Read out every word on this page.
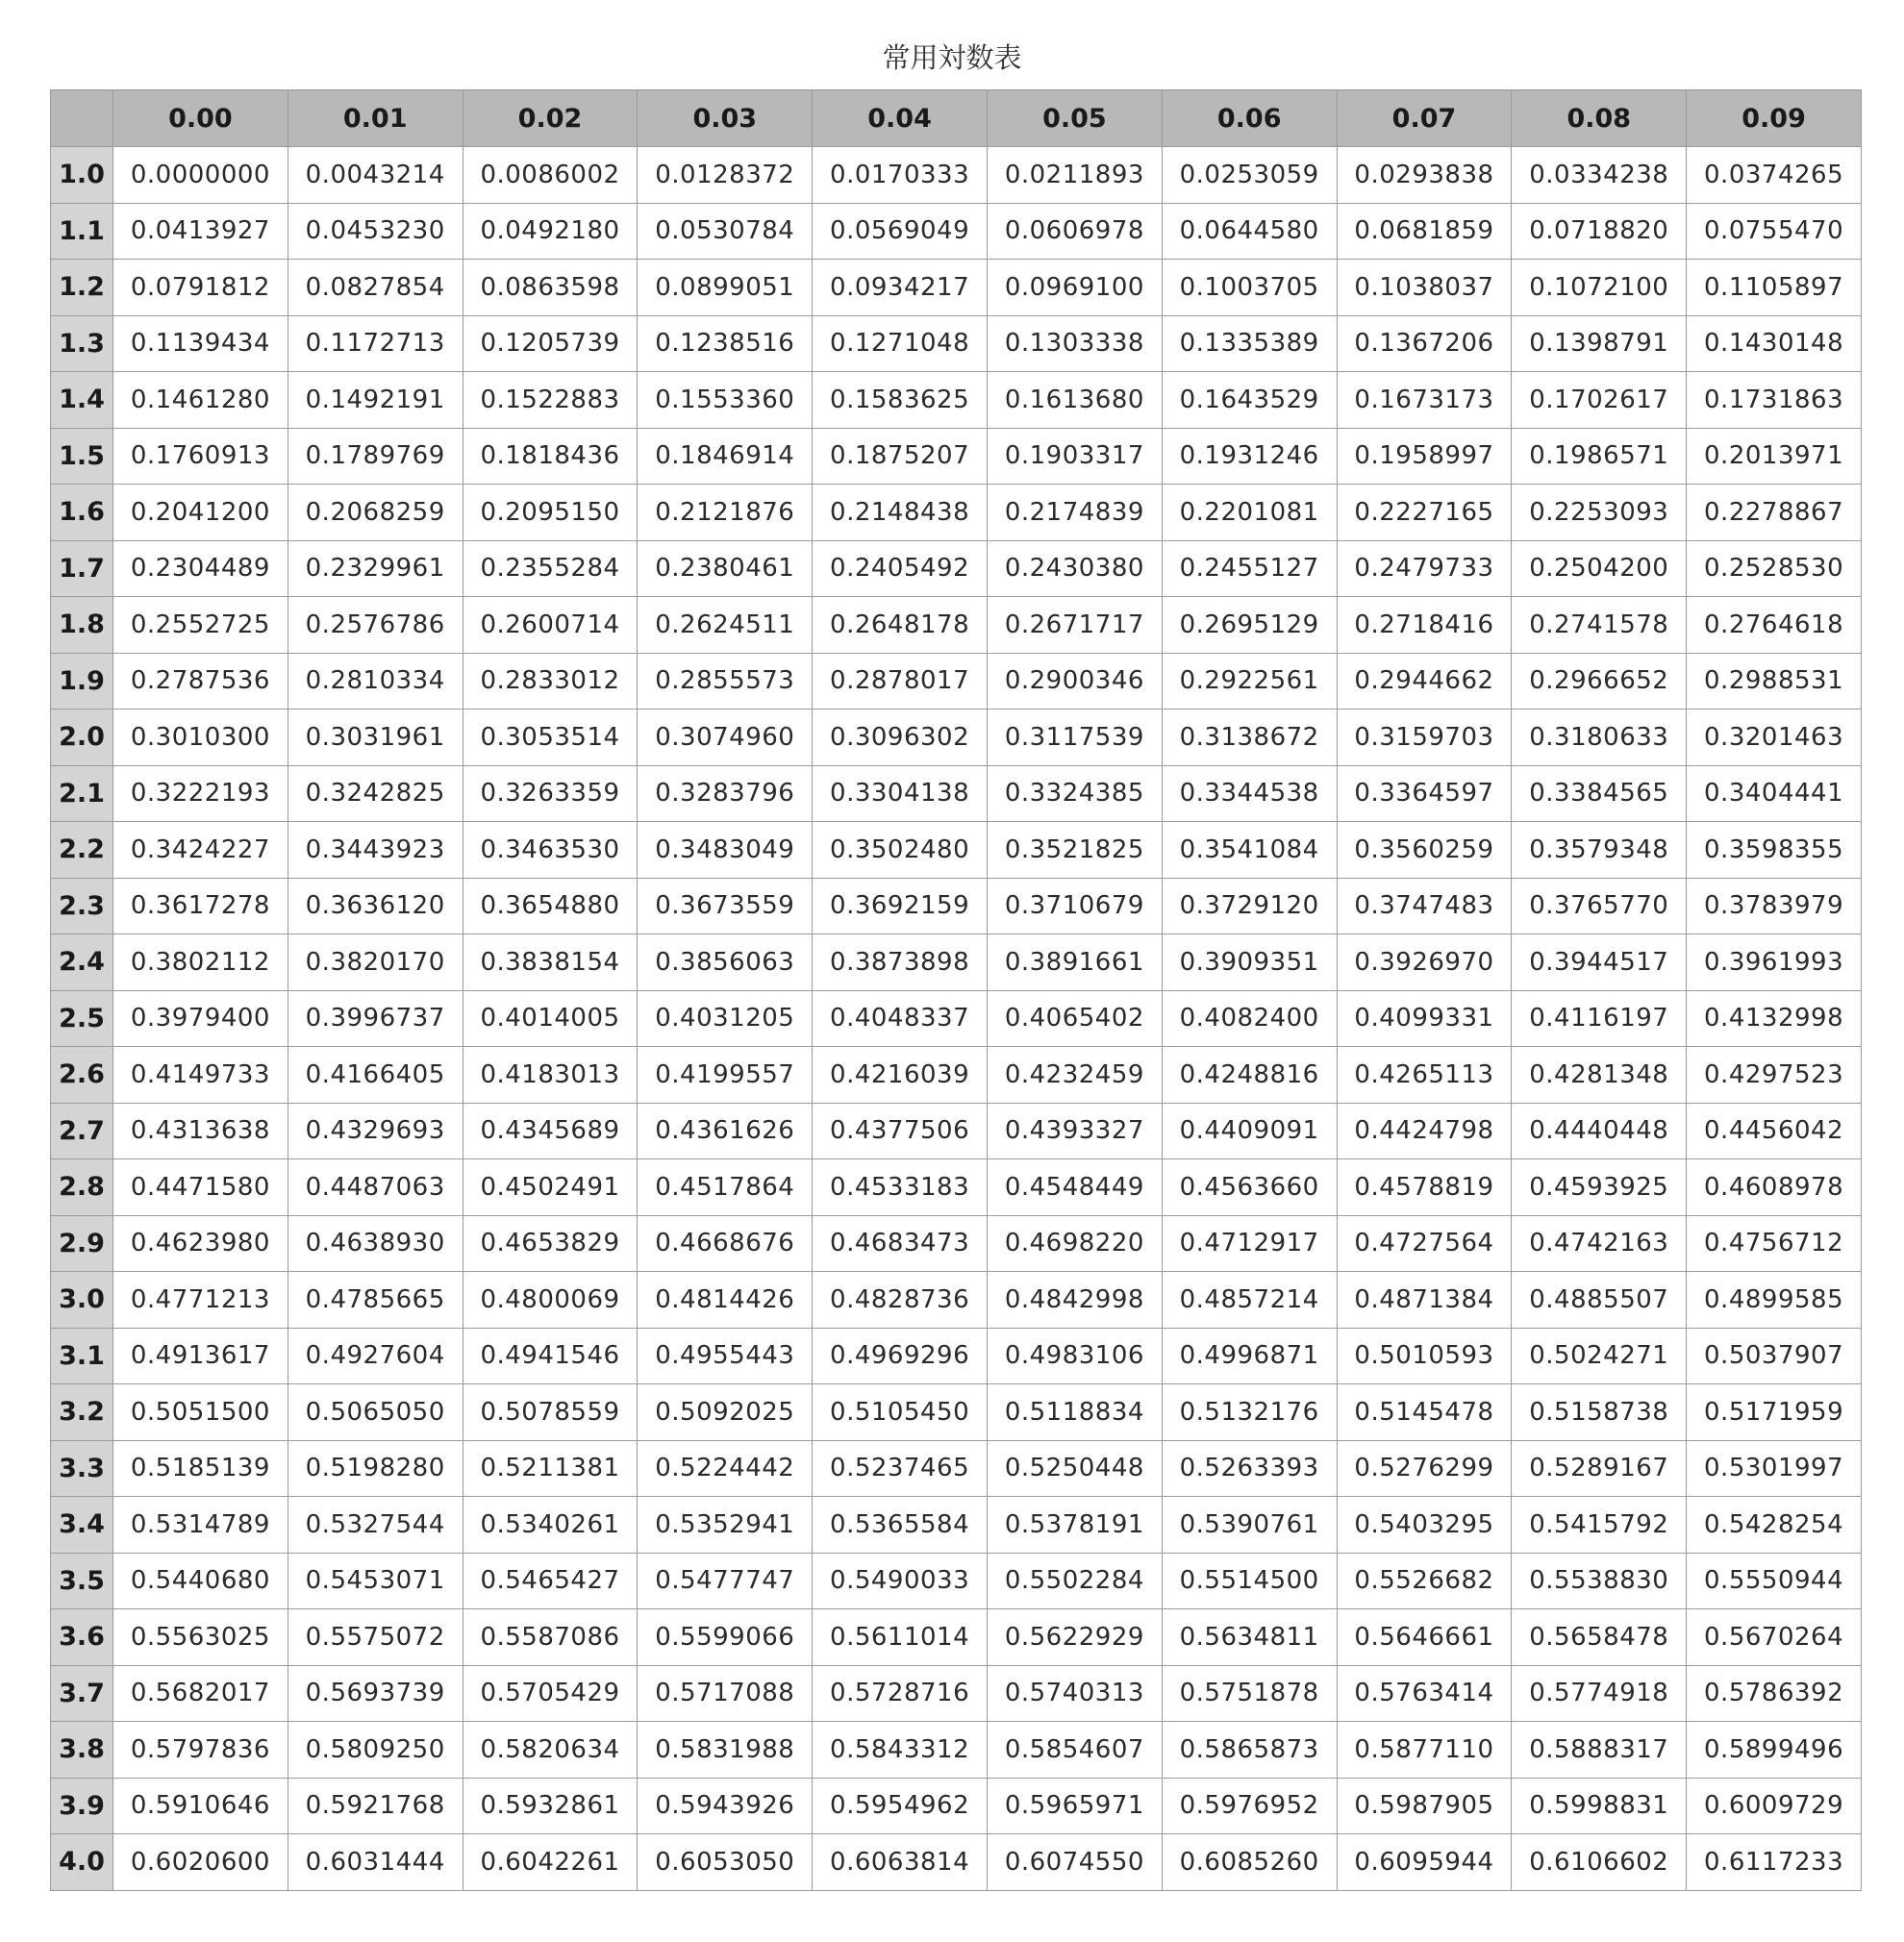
常用対数表
	0.00	0.01	0.02	0.03	0.04	0.05	0.06	0.07	0.08	0.09
1.0	0.0000000	0.0043214	0.0086002	0.0128372	0.0170333	0.0211893	0.0253059	0.0293838	0.0334238	0.0374265
1.1	0.0413927	0.0453230	0.0492180	0.0530784	0.0569049	0.0606978	0.0644580	0.0681859	0.0718820	0.0755470
1.2	0.0791812	0.0827854	0.0863598	0.0899051	0.0934217	0.0969100	0.1003705	0.1038037	0.1072100	0.1105897
1.3	0.1139434	0.1172713	0.1205739	0.1238516	0.1271048	0.1303338	0.1335389	0.1367206	0.1398791	0.1430148
1.4	0.1461280	0.1492191	0.1522883	0.1553360	0.1583625	0.1613680	0.1643529	0.1673173	0.1702617	0.1731863
1.5	0.1760913	0.1789769	0.1818436	0.1846914	0.1875207	0.1903317	0.1931246	0.1958997	0.1986571	0.2013971
1.6	0.2041200	0.2068259	0.2095150	0.2121876	0.2148438	0.2174839	0.2201081	0.2227165	0.2253093	0.2278867
1.7	0.2304489	0.2329961	0.2355284	0.2380461	0.2405492	0.2430380	0.2455127	0.2479733	0.2504200	0.2528530
1.8	0.2552725	0.2576786	0.2600714	0.2624511	0.2648178	0.2671717	0.2695129	0.2718416	0.2741578	0.2764618
1.9	0.2787536	0.2810334	0.2833012	0.2855573	0.2878017	0.2900346	0.2922561	0.2944662	0.2966652	0.2988531
2.0	0.3010300	0.3031961	0.3053514	0.3074960	0.3096302	0.3117539	0.3138672	0.3159703	0.3180633	0.3201463
2.1	0.3222193	0.3242825	0.3263359	0.3283796	0.3304138	0.3324385	0.3344538	0.3364597	0.3384565	0.3404441
2.2	0.3424227	0.3443923	0.3463530	0.3483049	0.3502480	0.3521825	0.3541084	0.3560259	0.3579348	0.3598355
2.3	0.3617278	0.3636120	0.3654880	0.3673559	0.3692159	0.3710679	0.3729120	0.3747483	0.3765770	0.3783979
2.4	0.3802112	0.3820170	0.3838154	0.3856063	0.3873898	0.3891661	0.3909351	0.3926970	0.3944517	0.3961993
2.5	0.3979400	0.3996737	0.4014005	0.4031205	0.4048337	0.4065402	0.4082400	0.4099331	0.4116197	0.4132998
2.6	0.4149733	0.4166405	0.4183013	0.4199557	0.4216039	0.4232459	0.4248816	0.4265113	0.4281348	0.4297523
2.7	0.4313638	0.4329693	0.4345689	0.4361626	0.4377506	0.4393327	0.4409091	0.4424798	0.4440448	0.4456042
2.8	0.4471580	0.4487063	0.4502491	0.4517864	0.4533183	0.4548449	0.4563660	0.4578819	0.4593925	0.4608978
2.9	0.4623980	0.4638930	0.4653829	0.4668676	0.4683473	0.4698220	0.4712917	0.4727564	0.4742163	0.4756712
3.0	0.4771213	0.4785665	0.4800069	0.4814426	0.4828736	0.4842998	0.4857214	0.4871384	0.4885507	0.4899585
3.1	0.4913617	0.4927604	0.4941546	0.4955443	0.4969296	0.4983106	0.4996871	0.5010593	0.5024271	0.5037907
3.2	0.5051500	0.5065050	0.5078559	0.5092025	0.5105450	0.5118834	0.5132176	0.5145478	0.5158738	0.5171959
3.3	0.5185139	0.5198280	0.5211381	0.5224442	0.5237465	0.5250448	0.5263393	0.5276299	0.5289167	0.5301997
3.4	0.5314789	0.5327544	0.5340261	0.5352941	0.5365584	0.5378191	0.5390761	0.5403295	0.5415792	0.5428254
3.5	0.5440680	0.5453071	0.5465427	0.5477747	0.5490033	0.5502284	0.5514500	0.5526682	0.5538830	0.5550944
3.6	0.5563025	0.5575072	0.5587086	0.5599066	0.5611014	0.5622929	0.5634811	0.5646661	0.5658478	0.5670264
3.7	0.5682017	0.5693739	0.5705429	0.5717088	0.5728716	0.5740313	0.5751878	0.5763414	0.5774918	0.5786392
3.8	0.5797836	0.5809250	0.5820634	0.5831988	0.5843312	0.5854607	0.5865873	0.5877110	0.5888317	0.5899496
3.9	0.5910646	0.5921768	0.5932861	0.5943926	0.5954962	0.5965971	0.5976952	0.5987905	0.5998831	0.6009729
4.0	0.6020600	0.6031444	0.6042261	0.6053050	0.6063814	0.6074550	0.6085260	0.6095944	0.6106602	0.6117233
